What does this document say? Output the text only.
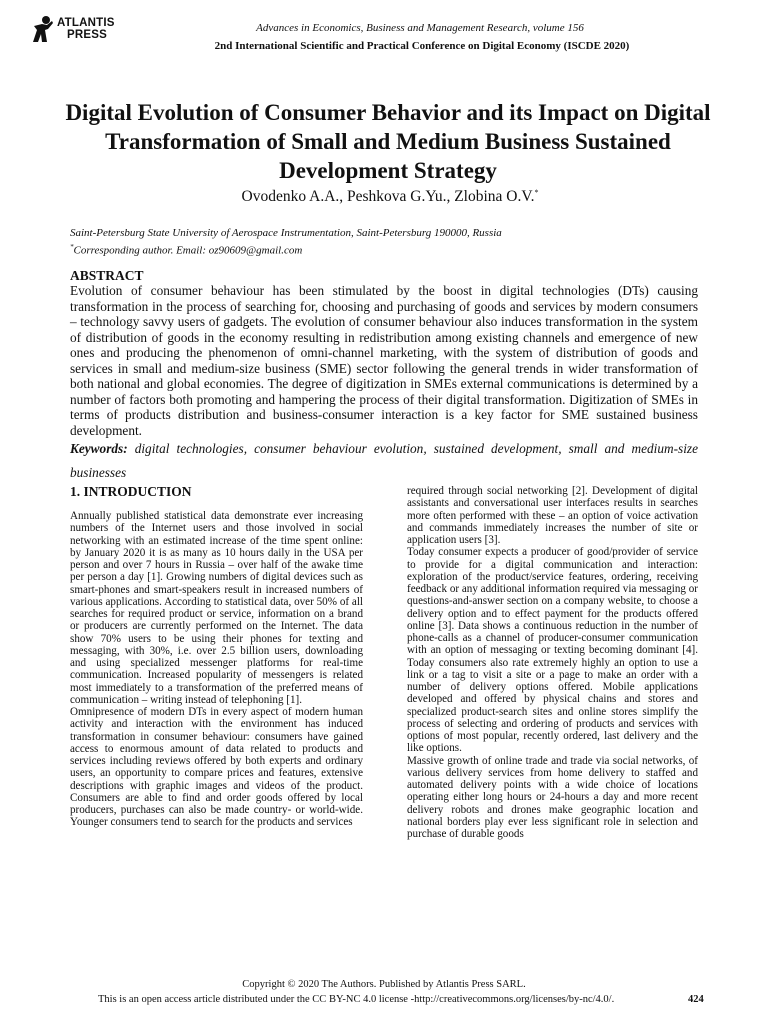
ATLANTIS
PRESS
Advances in Economics, Business and Management Research, volume 156
2nd International Scientific and Practical Conference on Digital Economy (ISCDE 2020)
Digital Evolution of Consumer Behavior and its Impact on Digital Transformation of Small and Medium Business Sustained Development Strategy
Ovodenko A.A., Peshkova G.Yu., Zlobina O.V.*
Saint-Petersburg State University of Aerospace Instrumentation, Saint-Petersburg 190000, Russia
*Corresponding author. Email: oz90609@gmail.com
ABSTRACT

Evolution of consumer behaviour has been stimulated by the boost in digital technologies (DTs) causing transformation in the process of searching for, choosing and purchasing of goods and services by modern consumers – technology savvy users of gadgets. The evolution of consumer behaviour also induces transformation in the system of distribution of goods in the economy resulting in redistribution among existing channels and emergence of new ones and producing the phenomenon of omni-channel marketing, with the system of distribution of goods and services in small and medium-size business (SME) sector following the general trends in wider transformation of both national and global economies. The degree of digitization in SMEs external communications is determined by a number of factors both promoting and hampering the process of their digital transformation. Digitization of SMEs in terms of products distribution and business-consumer interaction is a key factor for SME sustained business development.

Keywords: digital technologies, consumer behaviour evolution, sustained development, small and medium-size businesses

1. INTRODUCTION

Annually published statistical data demonstrate ever increasing numbers of the Internet users and those involved in social networking with an estimated increase of the time spent online: by January 2020 it is as many as 10 hours daily in the USA per person and over 7 hours in Russia – over half of the awake time per person a day [1]. Growing numbers of digital devices such as smart-phones and smart-speakers result in increased numbers of various applications. According to statistical data, over 50% of all searches for required product or service, information on a brand or producers are currently performed on the Internet. The data show 70% users to be using their phones for texting and messaging, with 30%, i.e. over 2.5 billion users, downloading and using specialized messenger platforms for real-time communication. Increased popularity of messengers is related most immediately to a transformation of the preferred means of communication – writing instead of telephoning [1].

Omnipresence of modern DTs in every aspect of modern human activity and interaction with the environment has induced transformation in consumer behaviour: consumers have gained access to enormous amount of data related to products and services including reviews offered by both experts and ordinary users, an opportunity to compare prices and features, extensive descriptions with graphic images and videos of the product. Consumers are able to find and order goods offered by local producers, purchases can also be made country- or world-wide. Younger consumers tend to search for the products and services

required through social networking [2]. Development of digital assistants and conversational user interfaces results in searches more often performed with these – an option of voice activation and commands immediately increases the number of site or application users [3].

Today consumer expects a producer of good/provider of service to provide for a digital communication and interaction: exploration of the product/service features, ordering, receiving feedback or any additional information required via messaging or questions-and-answer section on a company website, to choose a delivery option and to effect payment for the products offered online [3]. Data shows a continuous reduction in the number of phone-calls as a channel of producer-consumer communication with an option of messaging or texting becoming dominant [4]. Today consumers also rate extremely highly an option to use a link or a tag to visit a site or a page to make an order with a number of delivery options offered. Mobile applications developed and offered by physical chains and stores and specialized product-search sites and online stores simplify the process of selecting and ordering of products and services with options of most popular, recently ordered, last delivery and the like options.

Massive growth of online trade and trade via social networks, of various delivery services from home delivery to staffed and automated delivery points with a wide choice of locations operating either long hours or 24-hours a day and more recent delivery robots and drones make geographic location and national borders play ever less significant role in selection and purchase of durable goods

Copyright © 2020 The Authors. Published by Atlantis Press SARL.
This is an open access article distributed under the CC BY-NC 4.0 license -http://creativecommons.org/licenses/by-nc/4.0/.	424
